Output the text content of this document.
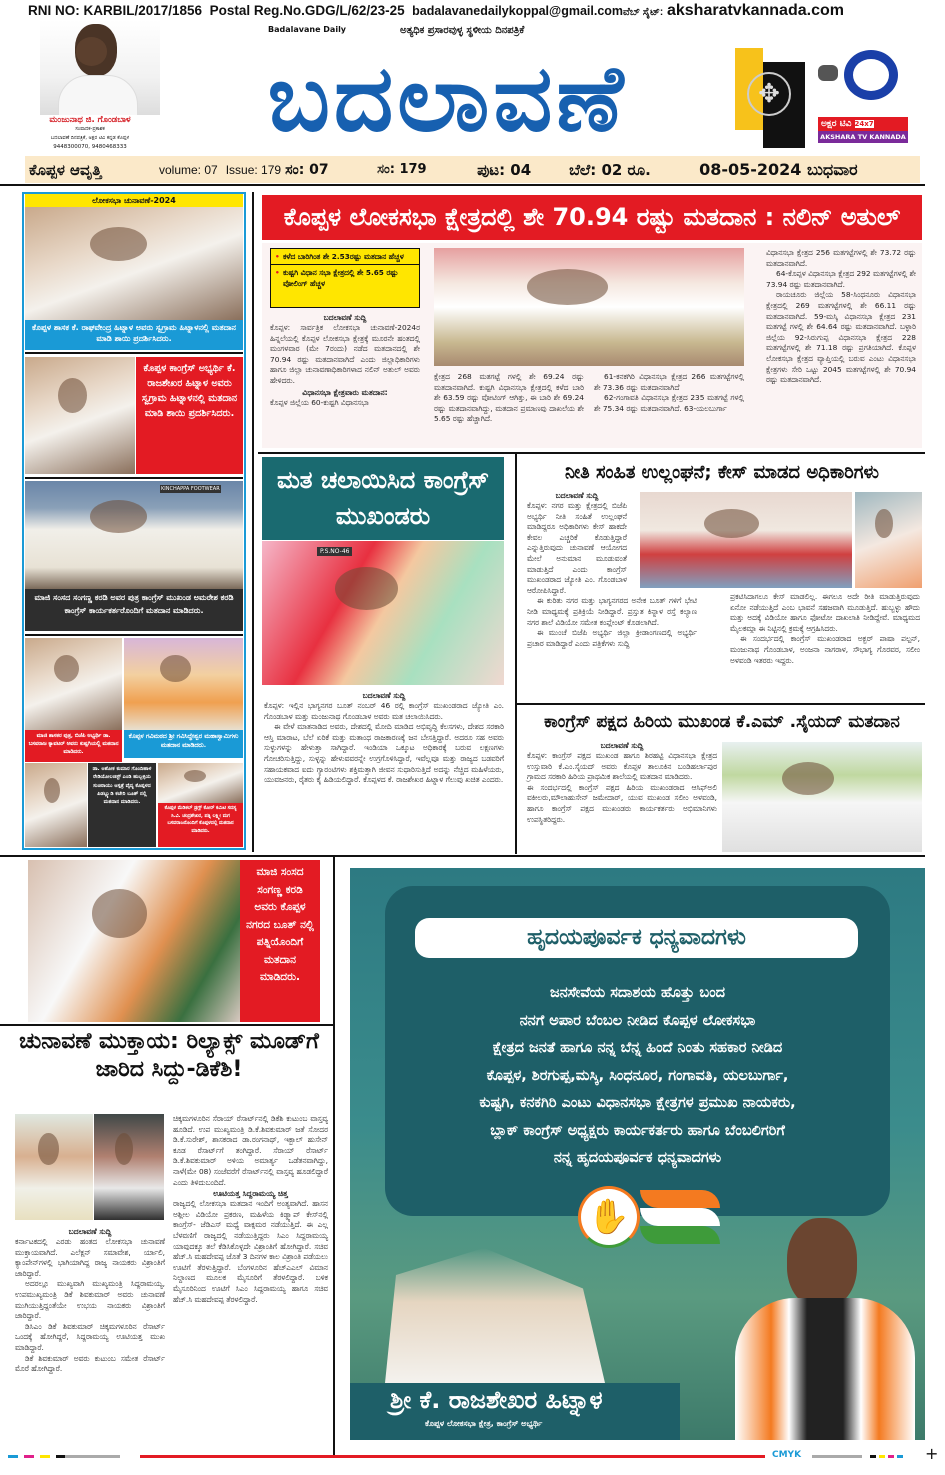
RNI NO: KARBIL/2017/1856 Postal Reg.No.GDG/L/62/23-25 badalavanedailykoppal@gmail.comವೆಬ್ ಸೈಟ್: aksharatvkannada.com
ಮಂಜುನಾಥ ಜಿ. ಗೊಂಡಬಾಳ
ಸಂಪಾದಕ-ಪ್ರಕಾಶಕ
ಬದಲಾವಣೆ ದಿನಪತ್ರಿಕೆ, ಅಕ್ಷರ ಟಿವಿ ಕನ್ನಡ ಕೊಪ್ಪಳ
9448300070, 9480468333
Badalavane Daily	ಅತ್ಯಧಿಕ ಪ್ರಸಾರವುಳ್ಳ ಸ್ಥಳೀಯ ದಿನಪತ್ರಿಕೆ
ಬದಲಾವಣೆ	✥
ಅಕ್ಷರ ಟಿವಿ 24x7
AKSHARA TV KANNADA
ಕೊಪ್ಪಳ ಆವೃತ್ತಿ	volume: 07 Issue: 179 ಸಂ: 07	ಸಂ: 179	ಪುಟ: 04	ಬೆಲೆ: 02 ರೂ.	08-05-2024 ಬುಧವಾರ
ಲೋಕಸಭಾ ಚುನಾವಣೆ-2024
ಕೊಪ್ಪಳ ಶಾಸಕ ಕೆ. ರಾಘವೇಂದ್ರ ಹಿಟ್ನಾಳ ಅವರು ಸ್ವಗ್ರಾಮ ಹಿಟ್ನಾಳನಲ್ಲಿ ಮತದಾನ ಮಾಡಿ ಶಾಯಿ ಪ್ರದರ್ಶಿಸಿದರು.
ಕೊಪ್ಪಳ ಕಾಂಗ್ರೆಸ್ ಅಭ್ಯರ್ಥಿ ಕೆ. ರಾಜಶೇಖರ ಹಿಟ್ನಾಳ ಅವರು ಸ್ವಗ್ರಾಮ ಹಿಟ್ನಾಳನಲ್ಲಿ ಮತದಾನ ಮಾಡಿ ಶಾಯಿ ಪ್ರದರ್ಶಿಸಿದರು.
KINCHAPPA FOOTWEAR
ಮಾಜಿ ಸಂಸದ ಸಂಗಣ್ಣ ಕರಡಿ ಅವರ ಪುತ್ರ ಕಾಂಗ್ರೆಸ್ ಮುಖಂಡ ಅಮರೇಶ ಕರಡಿ ಕಾಂಗ್ರೆಸ್ ಕಾರ್ಯಕರ್ತರೊಂದಿಗೆ ಮತದಾನ ಮಾಡಿದರು.
ಮಾಜಿ ಶಾಸಕರ ಪುತ್ರ, ಬಿಜೆಪಿ ಅಭ್ಯರ್ಥಿ ಡಾ. ಬಸವರಾಜ ಕ್ಯಾವಟರ್ ಅವರು ಕುಷ್ಟಗಿಯಲ್ಲಿ ಮತದಾನ ಮಾಡಿದರು.
ಕೊಪ್ಪಳ ಗವಿಮಠದ ಶ್ರೀ ಗವಿಸಿದ್ಧೇಶ್ವರ ಮಹಾಸ್ವಾಮಿಗಳು ಮತದಾನ ಮಾಡಿದರು.
ಡಾ. ಅಶೋಕ ಕುಮಾರ ಗೊಂದಿಹಾಳ ರೇಡಿಯೋಲಜಿಸ್ಟ್ ಎಂಡಿ ಹುಬ್ಬಳ್ಳಿಯ ಸುಚಿರಾಯು ಆಸ್ಪತ್ರೆ ವೈದ್ಯ ಕೊಪ್ಪಳದ ಪಿಡಬ್ಲ್ಯುಡಿ ಕಚೇರಿ ಬೂತ್ ನಲ್ಲಿ ಮತದಾನ ಮಾಡಿದರು.
ಕೊಪ್ಪಳ ಮೆಡಿಕಲ್ ಡ್ರಗ್ಸ್ ಕೋರ್ ಕಮಿಟಿ ಸದಸ್ಯ ಸಿ.ವಿ. ಚಂದ್ರಶೇಖರ, ಪತ್ನಿ ಲಕ್ಷ್ಮೀ ಮಗ ಬಸವರಾಜರೊಂದಿಗೆ ಕೊಪ್ಪಳದಲ್ಲಿ ಮತದಾನ ಮಾಡಿದರು.
ಕೊಪ್ಪಳ ಲೋಕಸಭಾ ಕ್ಷೇತ್ರದಲ್ಲಿ ಶೇ 70.94 ರಷ್ಟು ಮತದಾನ : ನಲಿನ್ ಅತುಲ್
• ಕಳೆದ ಬಾರಿಗಿಂತ ಶೇ 2.53ರಷ್ಟು ಮತದಾನ ಹೆಚ್ಚಳ
• ಕುಷ್ಟಗಿ ವಿಧಾನ ಸಭಾ ಕ್ಷೇತ್ರದಲ್ಲಿ ಶೇ 5.65 ರಷ್ಟು ವೋಲಿಂಗ್ ಹೆಚ್ಚಳ
ಬದಲಾವಣೆ ಸುದ್ದಿ
ಕೊಪ್ಪಳ: ಸಾರ್ವತ್ರಿಕ ಲೋಕಸಭಾ ಚುನಾವಣೆ-2024ರ ಹಿನ್ನಲೆಯಲ್ಲಿ ಕೊಪ್ಪಳ ಲೋಕಸಭಾ ಕ್ಷೇತ್ರಕ್ಕೆ ಮೂರನೇ ಹಂತದಲ್ಲಿ ಮಂಗಳವಾರ (ಮೇ 7ರಂದು) ನಡೆದ ಮತದಾನದಲ್ಲಿ ಶೇ 70.94 ರಷ್ಟು ಮತದಾನವಾಗಿದೆ ಎಂದು ಜಿಲ್ಲಾಧಿಕಾರಿಗಳು ಹಾಗೂ ಜಿಲ್ಲಾ ಚುನಾವಣಾಧಿಕಾರಿಗಳಾದ ನಲಿನ್ ಅತುಲ್ ಅವರು ಹೇಳಿದರು.
ವಿಧಾನಸಭಾ ಕ್ಷೇತ್ರವಾರು ಮತದಾನ:
ಕೊಪ್ಪಳ ಜಿಲ್ಲೆಯ 60-ಕುಷ್ಟಗಿ ವಿಧಾನಸಭಾ
ಕ್ಷೇತ್ರದ 268 ಮತಗಟ್ಟೆ ಗಳಲ್ಲಿ ಶೇ 69.24 ರಷ್ಟು ಮತದಾನವಾಗಿದೆ. ಕುಷ್ಟಗಿ ವಿಧಾನಸಭಾ ಕ್ಷೇತ್ರದಲ್ಲಿ ಕಳೆದ ಬಾರಿ ಶೇ 63.59 ರಷ್ಟು ವೋಟಿಂಗ್ ಆಗಿತ್ತು, ಈ ಬಾರಿ ಶೇ 69.24 ರಷ್ಟು ಮತದಾನವಾಗಿದ್ದು, ಮತದಾನ ಪ್ರಮಾಣವು ದಾಖಲೆಯ ಶೇ 5.65 ರಷ್ಟು ಹೆಚ್ಚಾಗಿದೆ.

61-ಕನಕಗಿರಿ ವಿಧಾನಸಭಾ ಕ್ಷೇತ್ರದ 266 ಮತಗಟ್ಟೆಗಳಲ್ಲಿ ಶೇ 73.36 ರಷ್ಟು ಮತದಾನವಾಗಿದೆ

62-ಗಂಗಾವತಿ ವಿಧಾನಸಭಾ ಕ್ಷೇತ್ರದ 235 ಮತಗಟ್ಟೆ ಗಳಲ್ಲಿ ಶೇ 75.34 ರಷ್ಟು ಮತದಾನವಾಗಿದೆ. 63-ಯಲಬುರ್ಗಾ

ವಿಧಾನಸಭಾ ಕ್ಷೇತ್ರದ 256 ಮತಗಟ್ಟೆಗಳಲ್ಲಿ ಶೇ 73.72 ರಷ್ಟು ಮತದಾನವಾಗಿದೆ.

64-ಕೊಪ್ಪಳ ವಿಧಾನಸಭಾ ಕ್ಷೇತ್ರದ 292 ಮತಗಟ್ಟೆಗಳಲ್ಲಿ ಶೇ 73.94 ರಷ್ಟು ಮತದಾನವಾಗಿದೆ.

ರಾಯಚೂರು ಜಿಲ್ಲೆಯ 58-ಸಿಂಧನೂರು ವಿಧಾನಸಭಾ ಕ್ಷೇತ್ರದಲ್ಲಿ 269 ಮತಗಟ್ಟೆಗಳಲ್ಲಿ ಶೇ 66.11 ರಷ್ಟು ಮತದಾನವಾಗಿದೆ. 59-ಮಸ್ಕಿ ವಿಧಾನಸಭಾ ಕ್ಷೇತ್ರದ 231 ಮತಗಟ್ಟೆ ಗಳಲ್ಲಿ ಶೇ 64.64 ರಷ್ಟು ಮತದಾನವಾಗಿದೆ. ಬಳ್ಳಾರಿ ಜಿಲ್ಲೆಯ 92-ಸಿರುಗುಪ್ಪ ವಿಧಾನಸಭಾ ಕ್ಷೇತ್ರದ 228 ಮತಗಟ್ಟೆಗಳಲ್ಲಿ ಶೇ 71.18 ರಷ್ಟು ಪ್ರಗತಿಯಾಗಿದೆ. ಕೊಪ್ಪಳ ಲೋಕಸಭಾ ಕ್ಷೇತ್ರದ ವ್ಯಾಪ್ತಿಯಲ್ಲಿ ಬರುವ ಎಂಟು ವಿಧಾನಸಭಾ ಕ್ಷೇತ್ರಗಳು ಸೇರಿ ಒಟ್ಟು 2045 ಮತಗಟ್ಟೆಗಳಲ್ಲಿ ಶೇ 70.94 ರಷ್ಟು ಮತದಾನವಾಗಿದೆ.

ಮತ ಚಲಾಯಿಸಿದ ಕಾಂಗ್ರೆಸ್ ಮುಖಂಡರು
P.S.NO-46
ಬದಲಾವಣೆ ಸುದ್ದಿ
ಕೊಪ್ಪಳ: ಇಲ್ಲಿನ ಭಾಗ್ಯನಗರ ಬೂತ್ ನಂಬರ್ 46 ರಲ್ಲಿ ಕಾಂಗ್ರೆಸ್ ಮುಖಂಡರಾದ ಜ್ಯೋತಿ ಎಂ. ಗೊಂಡಬಾಳ ಮತ್ತು ಮಂಜುನಾಥ ಗೊಂಡಬಾಳ ಅವರು ಮತ ಚಲಾಯಿಸಿದರು.

ಈ ವೇಳೆ ಮಾತನಾಡಿದ ಅವರು, ದೇಶದಲ್ಲಿ ಮೋದಿ ಮಾಡಿದ ಅಭಿವೃದ್ಧಿ ಕೆಲಸಗಳು, ದೇಶದ ಸರಕಾರಿ ಆಸ್ತಿ ಮಾರಾಟ, ಬೆಲೆ ಏರಿಕೆ ಮತ್ತು ಮತಾಂಧ ರಾಜಕಾರಣಕ್ಕೆ ಜನ ಬೇಸತ್ತಿದ್ದಾರೆ. ಅದರೂ ಸಹ ಅವರು ಸುಳ್ಳುಗಳನ್ನು ಹೇಳುತ್ತಾ ಸಾಗಿದ್ದಾರೆ. ಇಂಡಿಯಾ ಒಕ್ಕೂಟ ಅಧಿಕಾರಕ್ಕೆ ಬರುವ ಲಕ್ಷಣಗಳು ಗೋಚರಿಸುತ್ತಿದ್ದು, ಸುಳ್ಳನ್ನು ಹೇಳುವವರನ್ನೇ ಉಗ್ರಗೊಳಿಸಿದ್ದಾರೆ, ಇವೆಲ್ಲವೂ ಮತ್ತು ರಾಜ್ಯದ ಬಡವರಿಗೆ ಸಹಾಯಕವಾದ ಐದು ಗ್ಯಾರಂಟಿಗಳು ಶಕ್ತಿಮತ್ತಾಗಿ ಜೀವನ ಸುಧಾರಿಸುತ್ತಿದೆ ಅದನ್ನು ನೆಚ್ಚಿದ ಮಹಿಳೆಯರು, ಯುವಜನರು, ರೈತರು ಕೈ ಹಿಡಿಯಲಿದ್ದಾರೆ. ಕೊಪ್ಪಳದ ಕೆ. ರಾಜಶೇಖರ ಹಿಟ್ನಾಳ ಗೆಲುವು ಖಚಿತ ಎಂದರು.

ನೀತಿ ಸಂಹಿತ ಉಲ್ಲಂಘನೆ; ಕೇಸ್ ಮಾಡದ ಅಧಿಕಾರಿಗಳು
ಬದಲಾವಣೆ ಸುದ್ದಿ
ಕೊಪ್ಪಳ: ನಗರ ಮತ್ತು ಕ್ಷೇತ್ರದಲ್ಲಿ ಬಿಜೆಪಿ ಅಭ್ಯರ್ಥಿ ನೀತಿ ಸಂಹಿತೆ ಉಲ್ಲಂಘನೆ ಮಾಡಿದ್ದರೂ ಅಧಿಕಾರಿಗಳು ಕೇಸ್ ಹಾಕದೇ ಕೇವಲ ಎಚ್ಚರಿಕೆ ಕೊಡುತ್ತಿದ್ದಾರೆ ಎನ್ನುತ್ತಿರುವುದು ಚುನಾವಣೆ ಆಯೋಗದ ಮೇಲೆ ಅನುಮಾನ ಮೂಡುವಂತೆ ಮಾಡುತ್ತಿದೆ ಎಂದು ಕಾಂಗ್ರೆಸ್ ಮುಖಂಡರಾದ ಜ್ಯೋತಿ ಎಂ. ಗೊಂಡಬಾಳ ಆರೋಪಿಸಿದ್ದಾರೆ.

ಈ ಕುರಿತು ನಗರ ಮತ್ತು ಭಾಗ್ಯನಗರದ ಅನೇಕ ಬೂತ್ ಗಳಿಗೆ ಭೇಟಿ ನೀಡಿ ಮಾಧ್ಯಮಕ್ಕೆ ಪ್ರತಿಕ್ರಿಯೆ ನೀಡಿದ್ದಾರೆ. ಪ್ರಸ್ತುತ ಕಿನ್ನಾಳ ರಸ್ತೆ ಕಲ್ಯಾಣ ನಗರ ಶಾಲೆ ವಿಡಿಯೋ ಸಮೇತ ಕಂಪ್ಲೇಂಟ್ ಕೊಡಲಾಗಿದೆ.

ಈ ಮುಂಚೆ ಬಿಜೆಪಿ ಅಭ್ಯರ್ಥಿ ಜಿಲ್ಲಾ ಕ್ರೀಡಾಂಗಣದಲ್ಲಿ ಅಭ್ಯರ್ಥಿ ಪ್ರಚಾರ ಮಾಡಿದ್ದಾರೆ ಎಂದು ಪತ್ರಿಕೆಗಳು ಸುದ್ದಿ

ಪ್ರಕಟಿಸಿದಾಗಲೂ ಕೇಸ್ ಮಾಡಲಿಲ್ಲ. ಈಗಲೂ ಅದೇ ರೀತಿ ಮಾಡುತ್ತಿರುವುದು ಏನೋ ನಡೆಯುತ್ತಿದೆ ಎಂಬ ಭಾವನೆ ಸಹಜವಾಗಿ ಮೂಡುತ್ತಿದೆ. ಹುಬ್ಬಳ್ಳು ಹೌದು ಮತ್ತು ಅದಕ್ಕೆ ವಿಡಿಯೋ ಹಾಗೂ ಫೋಟೋ ದಾಖಲಾತಿ ನೀಡಿದ್ದೇವೆ. ಮಾಧ್ಯಮದ ಮೈಲಕಮ್ಗಾ ಈ ನಿಟ್ಟಿನಲ್ಲಿ ಕ್ರಮಕ್ಕೆ ಆಗ್ರಹಿಸಿದರು.

ಈ ಸಂದರ್ಭದಲ್ಲಿ ಕಾಂಗ್ರೆಸ್ ಮುಖಂಡರಾದ ಅಕ್ಬರ್ ಪಾಷಾ ಪಲ್ಟನ್, ಮಂಜುನಾಥ ಗೊಂಡಬಾಳ, ಅಂಜನಾ ನಾಗರಾಳ, ಸೌಭಾಗ್ಯ ಗೊರವರ, ಸಲೀಂ ಅಳವಂಡಿ ಇತರರು ಇದ್ದರು.

ಕಾಂಗ್ರೆಸ್ ಪಕ್ಷದ ಹಿರಿಯ ಮುಖಂಡ ಕೆ.ಎಮ್ .ಸೈಯದ್ ಮತದಾನ
ಬದಲಾವಣೆ ಸುದ್ದಿ
ಕೊಪ್ಪಳ: ಕಾಂಗ್ರೆಸ್ ಪಕ್ಷದ ಮುಖಂಡ ಹಾಗೂ ಶಿರಹಟ್ಟಿ ವಿಧಾನಸಭಾ ಕ್ಷೇತ್ರದ ಉಸ್ತುವಾರಿ ಕೆ.ಎಂ.ಸೈಯದ್ ಅವರು ಕೊಪ್ಪಳ ತಾಲೂಕಿನ ಬಂಡಿಹರ್ಲಾಪುರ ಗ್ರಾಮದ ಸರಕಾರಿ ಹಿರಿಯ ಪ್ರಾಥಮಿಕ ಶಾಲೆಯಲ್ಲಿ ಮತದಾನ ಮಾಡಿದರು.
ಈ ಸಂದರ್ಭದಲ್ಲಿ ಕಾಂಗ್ರೆಸ್ ಪಕ್ಷದ ಹಿರಿಯ ಮುಖಂಡರಾದ ಆಸಿಫ್ಅಲಿ ವಕೀಲರು,ಮೌಲಾಹುಸೇನ್ ಜಮೇದಾರ್, ಯುವ ಮುಖಂಡ ಸಲೀಂ ಅಳವಂಡಿ, ಹಾಗೂ ಕಾಂಗ್ರೆಸ್ ಪಕ್ಷದ ಮುಖಂಡರು ಕಾರ್ಯಕರ್ತರು ಅಭಿಮಾನಿಗಳು ಉಪಸ್ಥಿತರಿದ್ದರು.
ಮಾಜಿ ಸಂಸದ ಸಂಗಣ್ಣ ಕರಡಿ ಅವರು ಕೊಪ್ಪಳ ನಗರದ ಬೂತ್ ನಲ್ಲಿ ಪತ್ನಿಯೊಂದಿಗೆ ಮತದಾನ ಮಾಡಿದರು.
ಚುನಾವಣೆ ಮುಕ್ತಾಯ: ರಿಲ್ಯಾಕ್ಸ್ ಮೂಡ್‌ಗೆ ಜಾರಿದ ಸಿದ್ದು-ಡಿಕೆಶಿ!
ಬದಲಾವಣೆ ಸುದ್ದಿ
ಕರ್ನಾಟಕದಲ್ಲಿ ಎರಡು ಹಂತದ ಲೋಕಸಭಾ ಚುನಾವಣೆ ಮುಕ್ತಾಯವಾಗಿದೆ. ಎಲೆಕ್ಷನ್ ಸಮಾವೇಶ, ರ್ಯಾಲಿ, ಕ್ಯಾಂಪೇನ್‌ಗಳಲ್ಲಿ ಭಾಗಿಯಾಗಿದ್ದ ರಾಜ್ಯ ನಾಯಕರು ವಿಶ್ರಾಂತಿಗೆ ಜಾರಿದ್ದಾರೆ.

ಅದರಲ್ಲೂ ಮುಖ್ಯವಾಗಿ ಮುಖ್ಯಮಂತ್ರಿ ಸಿದ್ದರಾಮಯ್ಯ, ಉಪಮುಖ್ಯಮಂತ್ರಿ ಡಿಕೆ ಶಿವಕುಮಾರ್ ಅವರು ಚುನಾವಣೆ ಮುಗಿಯುತ್ತಿದ್ದಂತೆಯೇ ಉಭಯ ನಾಯಕರು ವಿಶ್ರಾಂತಿಗೆ ಜಾರಿದ್ದಾರೆ.

ಡಿಸಿಎಂ ಡಿಕೆ ಶಿವಕುಮಾರ್ ಚಿಕ್ಕಮಗಳೂರಿನ ರೆಸಾರ್ಟ್ ಒಂದಕ್ಕೆ ಹೋಗಿದ್ದರೆ, ಸಿದ್ದರಾಮಯ್ಯ ಊಟಿಯತ್ತ ಮುಖ ಮಾಡಿದ್ದಾರೆ.

ಡಿಕೆ ಶಿವಕುಮಾರ್ ಅವರು ಕುಟುಂಬ ಸಮೇತ ರೆಸಾರ್ಟ್ ಮೊರೆ ಹೋಗಿದ್ದಾರೆ.

ಚಿಕ್ಕಮಗಳೂರಿನ ಸೆರಾಯ್ ರೆಸಾರ್ಟ್‌ನಲ್ಲಿ ಡಿಕೆಶಿ ಕುಟುಂಬ ವಾಸ್ತವ್ಯ ಹೂಡಿದೆ. ಉಪ ಮುಖ್ಯಮಂತ್ರಿ ಡಿ.ಕೆ.ಶಿವಕುಮಾರ್ ಜತೆ ಸೋದರ ಡಿ.ಕೆ.ಸುರೇಶ್, ಶಾಸಕರಾದ ಡಾ.ರಂಗನಾಥ್, ಇಕ್ಬಾಲ್ ಹುಸೇನ್ ಕೂಡ ರೆಸಾರ್ಟ್‌ಗೆ ತಂಗಿದ್ದಾರೆ. ಸೆರಾಯ್ ರೆಸಾರ್ಟ್ ಡಿ.ಕೆ.ಶಿವಕುಮಾರ್ ಅಳಿಯ ಅಮಾರ್ತ್ಯ ಒಡೆತನವಾಗಿದ್ದು, ನಾಳೆ(ಮೇ 08) ಸಂಜೆವರೆಗೆ ರೆಸಾರ್ಟ್‌ನಲ್ಲಿ ವಾಸ್ತವ್ಯ ಹೂಡಲಿದ್ದಾರೆ ಎಂದು ತಿಳಿದುಬಂದಿದೆ.
ಊಟಿಯತ್ತ ಸಿದ್ದರಾಮಯ್ಯ ಚಿತ್ತ
ರಾಜ್ಯದಲ್ಲಿ ಲೋಕಸಭಾ ಮತದಾನ ಇಂದಿಗೆ ಅಂತ್ಯವಾಗಿದೆ. ಹಾಸನ ಅಶ್ಲೀಲ ವಿಡಿಯೋ ಪ್ರಕರಣ, ಮಹಿಳೆಯ ಕಿಡ್ನ್ಯಾಪ್ ಕೇಸ್‌ನಲ್ಲಿ ಕಾಂಗ್ರೆಸ್- ಜೆಡಿಎಸ್ ಮಧ್ಯೆ ವಾಕ್ಸಮರ ನಡೆಯುತ್ತಿದೆ. ಈ ಎಲ್ಲ ಬೆಳವಣಿಗೆ ರಾಜ್ಯದಲ್ಲಿ ನಡೆಯುತ್ತಿದ್ದರು ಸಿಎಂ ಸಿದ್ದರಾಮಯ್ಯ ಯಾವುದಕ್ಕೂ ತಲೆ ಕೆಡಿಸಿಕೊಳ್ಳದೇ ವಿಶ್ರಾಂತಿಗೆ ಹೋಗಿದ್ದಾರೆ. ಸಚಿವ ಹೆಚ್.ಸಿ ಮಹದೇವಪ್ಪ ಜೊತೆ 3 ದಿನಗಳ ಕಾಲ ವಿಶ್ರಾಂತಿ ಪಡೆಯಲು ಊಟಿಗೆ ತೆರಳುತ್ತಿದ್ದಾರೆ. ಬೆಂಗಳೂರಿನ ಹೆಚ್ಎಎಲ್ ವಿಮಾನ ನಿಲ್ದಾಣದ ಮೂಲಕ ಮೈಸೂರಿಗೆ ತೆರಳಲಿದ್ದಾರೆ. ಬಳಿಕ ಮೈಸೂರಿನಿಂದ ಊಟಿಗೆ ಸಿಎಂ ಸಿದ್ದರಾಮಯ್ಯ ಹಾಗೂ ಸಚಿವ ಹೆಚ್.ಸಿ ಮಹದೇವಪ್ಪ ತೆರಳಲಿದ್ದಾರೆ.
ಹೃದಯಪೂರ್ವಕ ಧನ್ಯವಾದಗಳು
ಜನಸೇವೆಯ ಸದಾಶಯ ಹೊತ್ತು ಬಂದ
ನನಗೆ ಅಪಾರ ಬೆಂಬಲ ನೀಡಿದ ಕೊಪ್ಪಳ ಲೋಕಸಭಾ
ಕ್ಷೇತ್ರದ ಜನತೆ ಹಾಗೂ ನನ್ನ ಬೆನ್ನ ಹಿಂದೆ ನಿಂತು ಸಹಕಾರ ನೀಡಿದ
ಕೊಪ್ಪಳ, ಶಿರಗುಪ್ಪ,ಮಸ್ಕಿ, ಸಿಂಧನೂರ, ಗಂಗಾವತಿ, ಯಲಬುರ್ಗಾ,
ಕುಷ್ಟಗಿ, ಕನಕಗಿರಿ ಎಂಟು ವಿಧಾನಸಭಾ ಕ್ಷೇತ್ರಗಳ ಪ್ರಮುಖ ನಾಯಕರು,
ಬ್ಲಾಕ್ ಕಾಂಗ್ರೆಸ್ ಅಧ್ಯಕ್ಷರು ಕಾರ್ಯಕರ್ತರು ಹಾಗೂ ಬೆಂಬಲಿಗರಿಗೆ
ನನ್ನ ಹೃದಯಪೂರ್ವಕ ಧನ್ಯವಾದಗಳು
✋
ಶ್ರೀ ಕೆ. ರಾಜಶೇಖರ ಹಿಟ್ನಾಳ
ಕೊಪ್ಪಳ ಲೋಕಸಭಾ ಕ್ಷೇತ್ರ, ಕಾಂಗ್ರೆಸ್ ಅಭ್ಯರ್ಥಿ
CMYK	+
